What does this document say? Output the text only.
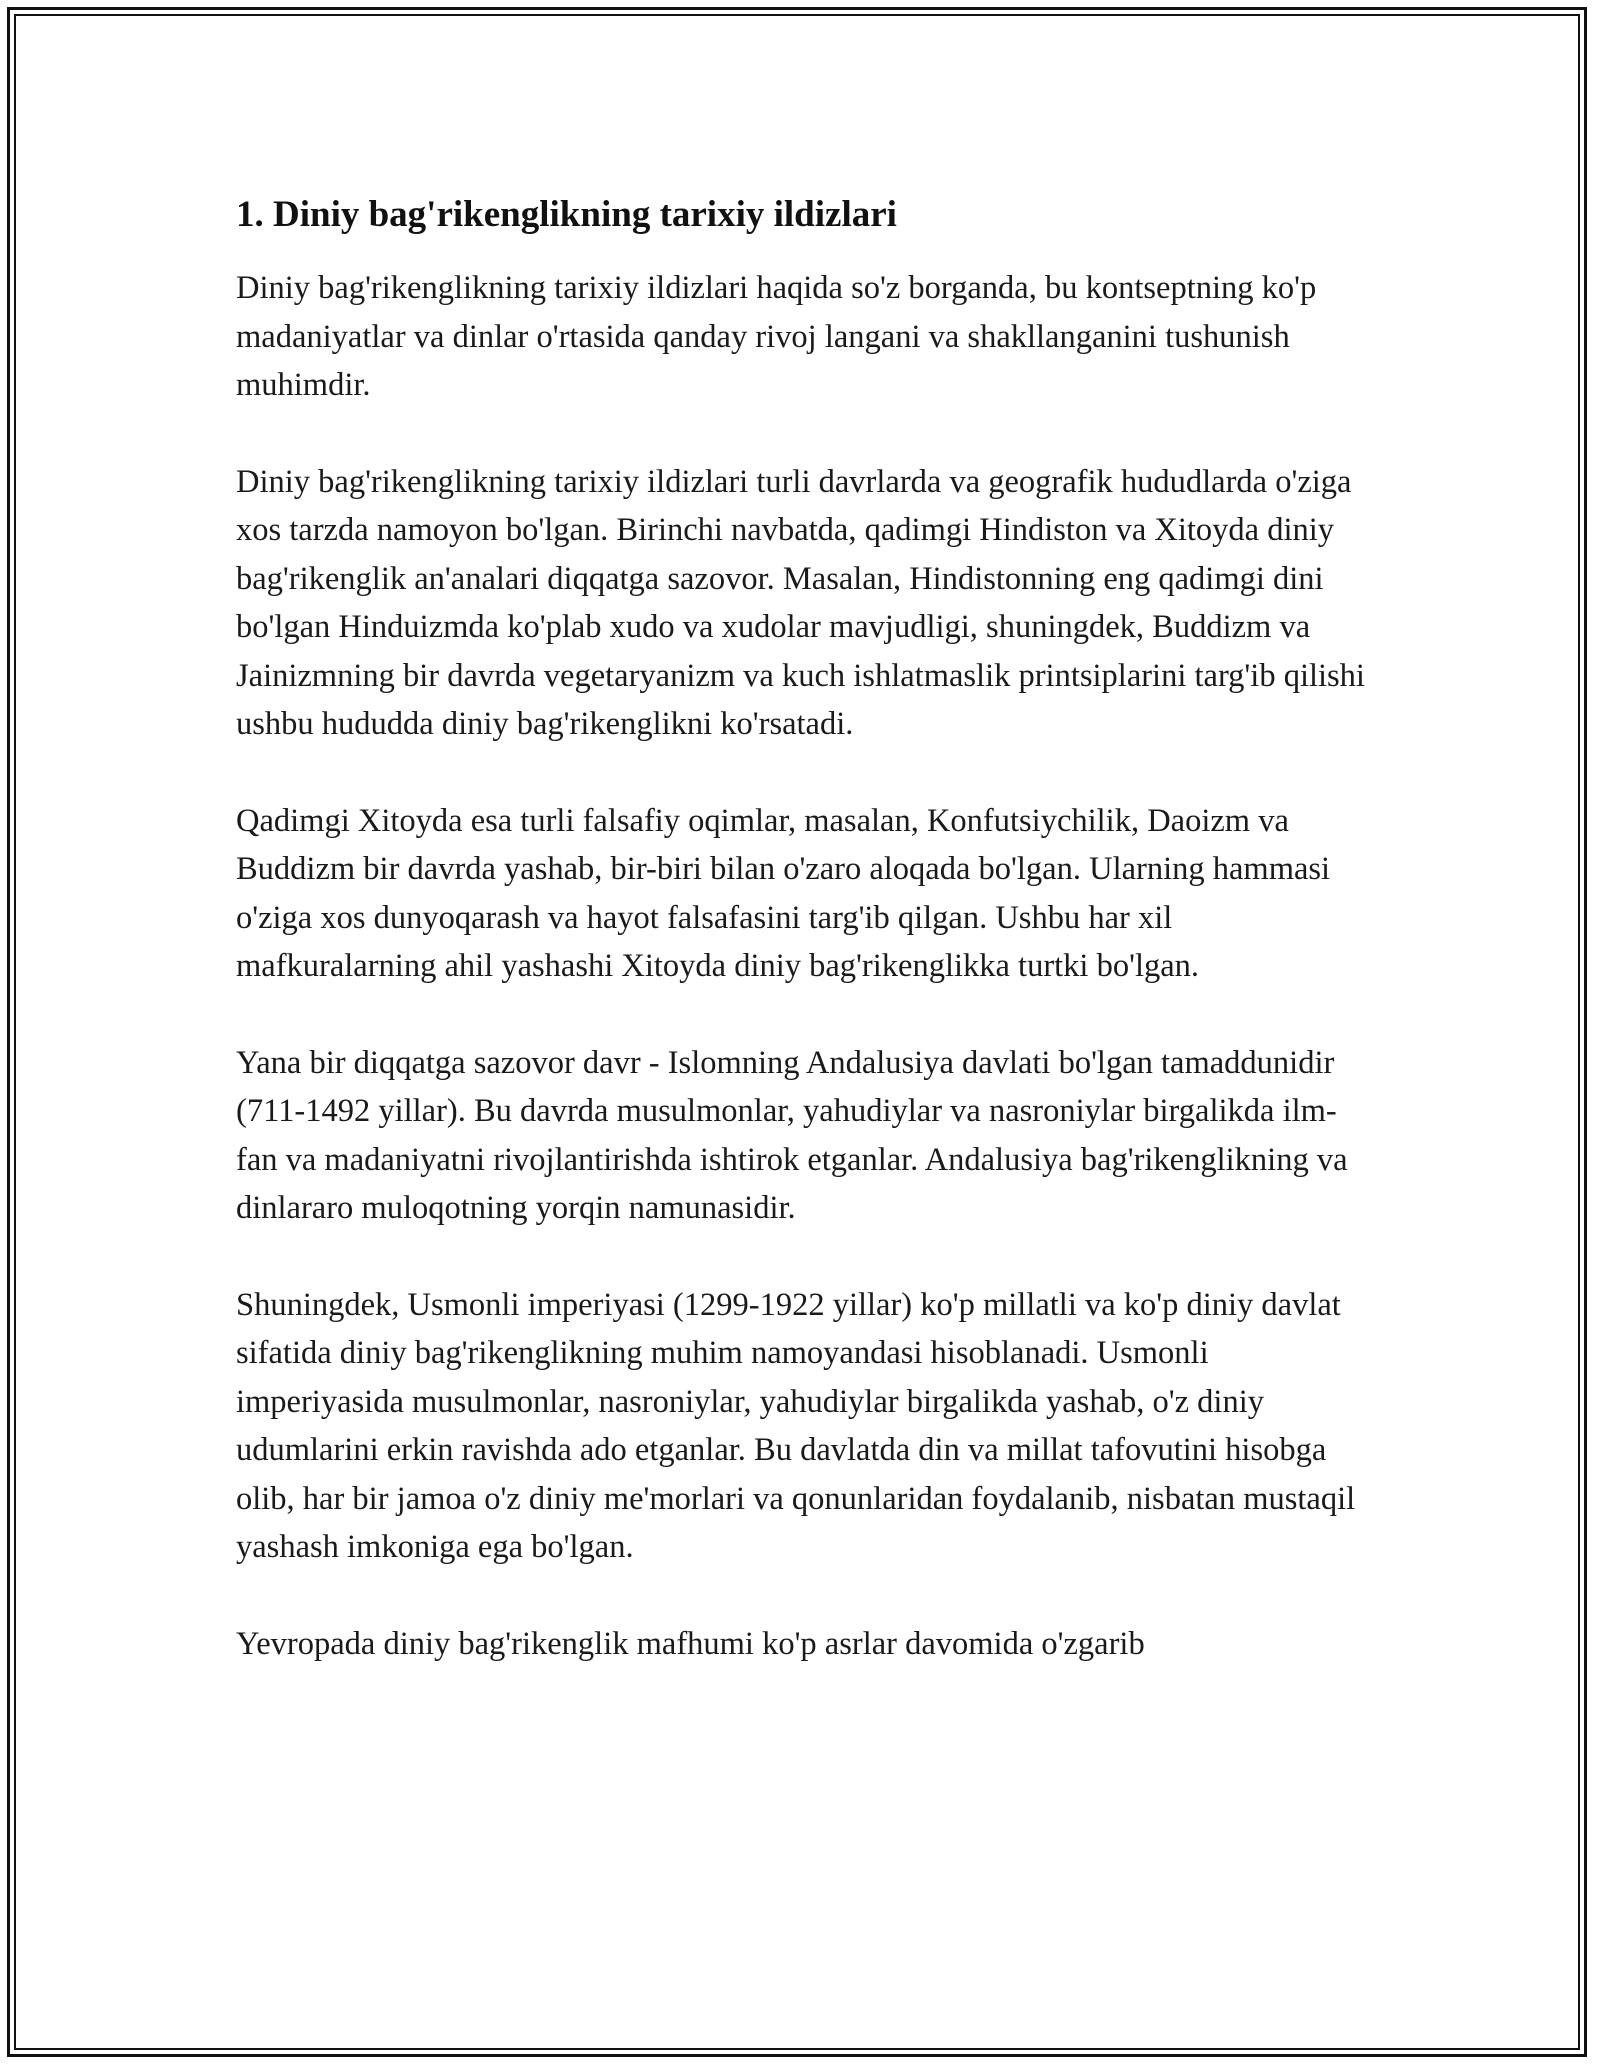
1. Diniy bag'rikenglikning tarixiy ildizlari

Diniy bag'rikenglikning tarixiy ildizlari haqida so'z borganda, bu kontseptning ko'p madaniyatlar va dinlar o'rtasida qanday rivoj langani va shakllanganini tushunish muhimdir.

Diniy bag'rikenglikning tarixiy ildizlari turli davrlarda va geografik hududlarda o'ziga xos tarzda namoyon bo'lgan. Birinchi navbatda, qadimgi Hindiston va Xitoyda diniy bag'rikenglik an'analari diqqatga sazovor. Masalan, Hindistonning eng qadimgi dini bo'lgan Hinduizmda ko'plab xudo va xudolar mavjudligi, shuningdek, Buddizm va Jainizmning bir davrda vegetaryanizm va kuch ishlatmaslik printsiplarini targ'ib qilishi ushbu hududda diniy bag'rikenglikni ko'rsatadi.

Qadimgi Xitoyda esa turli falsafiy oqimlar, masalan, Konfutsiychilik, Daoizm va Buddizm bir davrda yashab, bir-biri bilan o'zaro aloqada bo'lgan. Ularning hammasi o'ziga xos dunyoqarash va hayot falsafasini targ'ib qilgan. Ushbu har xil mafkuralarning ahil yashashi Xitoyda diniy bag'rikenglikka turtki bo'lgan.

Yana bir diqqatga sazovor davr - Islomning Andalusiya davlati bo'lgan tamaddunidir (711-1492 yillar). Bu davrda musulmonlar, yahudiylar va nasroniylar birgalikda ilm-fan va madaniyatni rivojlantirishda ishtirok etganlar. Andalusiya bag'rikenglikning va dinlararo muloqotning yorqin namunasidir.

Shuningdek, Usmonli imperiyasi (1299-1922 yillar) ko'p millatli va ko'p diniy davlat sifatida diniy bag'rikenglikning muhim namoyandasi hisoblanadi. Usmonli imperiyasida musulmonlar, nasroniylar, yahudiylar birgalikda yashab, o'z diniy udumlarini erkin ravishda ado etganlar. Bu davlatda din va millat tafovutini hisobga olib, har bir jamoa o'z diniy me'morlari va qonunlaridan foydalanib, nisbatan mustaqil yashash imkoniga ega bo'lgan.

Yevropada diniy bag'rikenglik mafhumi ko'p asrlar davomida o'zgarib
